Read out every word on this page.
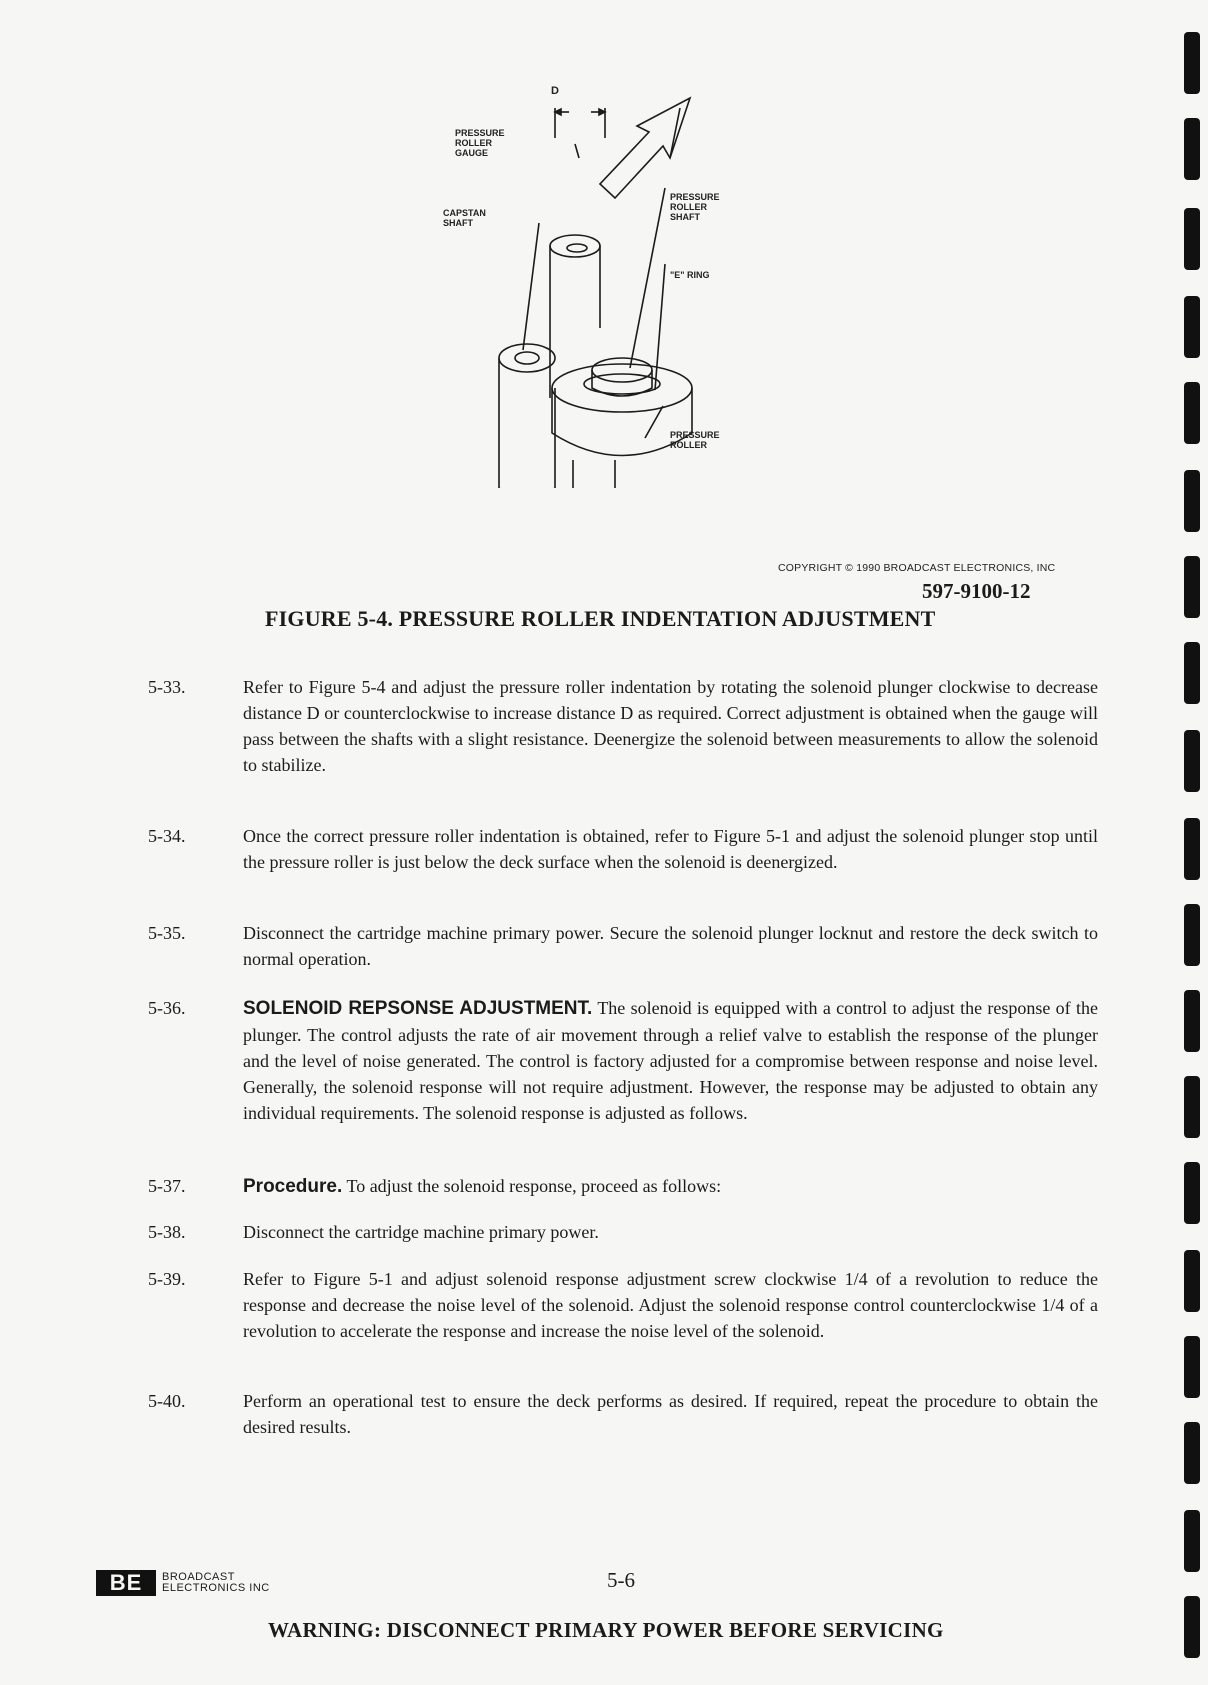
D
PRESSURE
ROLLER
GAUGE
CAPSTAN
SHAFT
PRESSURE
ROLLER
SHAFT
"E" RING
PRESSURE
ROLLER
COPYRIGHT © 1990 BROADCAST ELECTRONICS, INC
597-9100-12
FIGURE 5-4. PRESSURE ROLLER INDENTATION ADJUSTMENT
5-33.	Refer to Figure 5-4 and adjust the pressure roller indentation by rotating the solenoid plunger clockwise to decrease distance D or counterclockwise to increase distance D as required. Correct adjustment is obtained when the gauge will pass between the shafts with a slight resistance. Deenergize the solenoid between measurements to allow the solenoid to stabilize.
5-34.	Once the correct pressure roller indentation is obtained, refer to Figure 5-1 and adjust the solenoid plunger stop until the pressure roller is just below the deck surface when the solenoid is deenergized.
5-35.	Disconnect the cartridge machine primary power. Secure the solenoid plunger locknut and restore the deck switch to normal operation.
5-36.	SOLENOID REPSONSE ADJUSTMENT. The solenoid is equipped with a control to adjust the response of the plunger. The control adjusts the rate of air movement through a relief valve to establish the response of the plunger and the level of noise generated. The control is factory adjusted for a compromise between response and noise level. Generally, the solenoid response will not require adjustment. However, the response may be adjusted to obtain any individual requirements. The solenoid response is adjusted as follows.
5-37.	Procedure. To adjust the solenoid response, proceed as follows:
5-38.	Disconnect the cartridge machine primary power.
5-39.	Refer to Figure 5-1 and adjust solenoid response adjustment screw clockwise 1/4 of a revolution to reduce the response and decrease the noise level of the solenoid. Adjust the solenoid response control counterclockwise 1/4 of a revolution to accelerate the response and increase the noise level of the solenoid.
5-40.	Perform an operational test to ensure the deck performs as desired. If required, repeat the procedure to obtain the desired results.
BE	BROADCAST
ELECTRONICS INC	5-6
WARNING: DISCONNECT PRIMARY POWER BEFORE SERVICING
